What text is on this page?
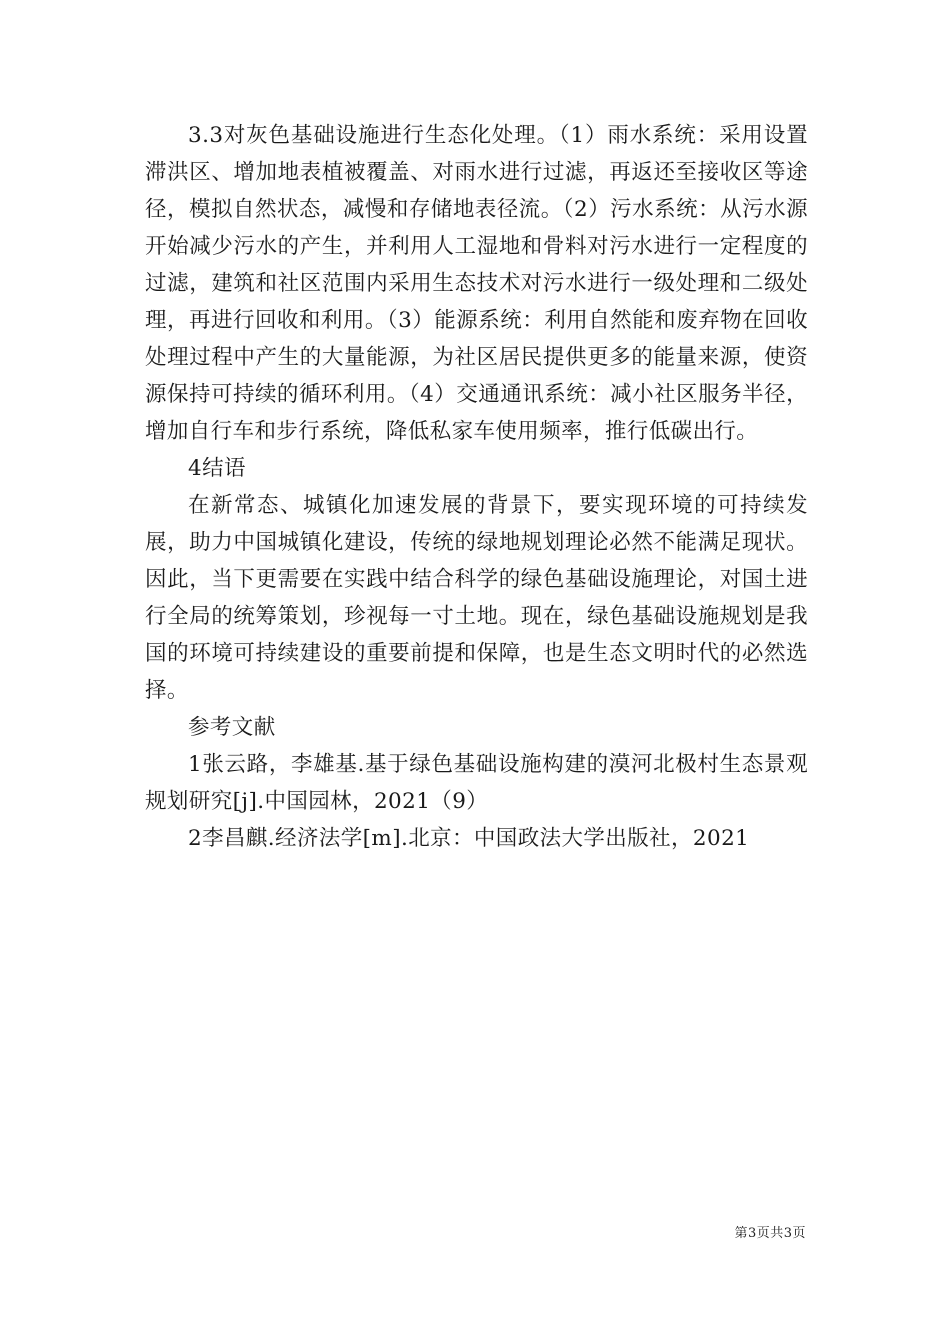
3.3对灰色基础设施进行生态化处理。（1）雨水系统：采用设置滞洪区、增加地表植被覆盖、对雨水进行过滤，再返还至接收区等途径，模拟自然状态，减慢和存储地表径流。（2）污水系统：从污水源开始减少污水的产生，并利用人工湿地和骨料对污水进行一定程度的过滤，建筑和社区范围内采用生态技术对污水进行一级处理和二级处理，再进行回收和利用。（3）能源系统：利用自然能和废弃物在回收处理过程中产生的大量能源，为社区居民提供更多的能量来源，使资源保持可持续的循环利用。（4）交通通讯系统：减小社区服务半径，增加自行车和步行系统，降低私家车使用频率，推行低碳出行。

4结语

在新常态、城镇化加速发展的背景下，要实现环境的可持续发展，助力中国城镇化建设，传统的绿地规划理论必然不能满足现状。因此，当下更需要在实践中结合科学的绿色基础设施理论，对国土进行全局的统筹策划，珍视每一寸土地。现在，绿色基础设施规划是我国的环境可持续建设的重要前提和保障，也是生态文明时代的必然选择。

参考文献

1张云路，李雄基.基于绿色基础设施构建的漠河北极村生态景观规划研究[j].中国园林，2021（9）

2李昌麒.经济法学[m].北京：中国政法大学出版社，2021

第3页共3页
